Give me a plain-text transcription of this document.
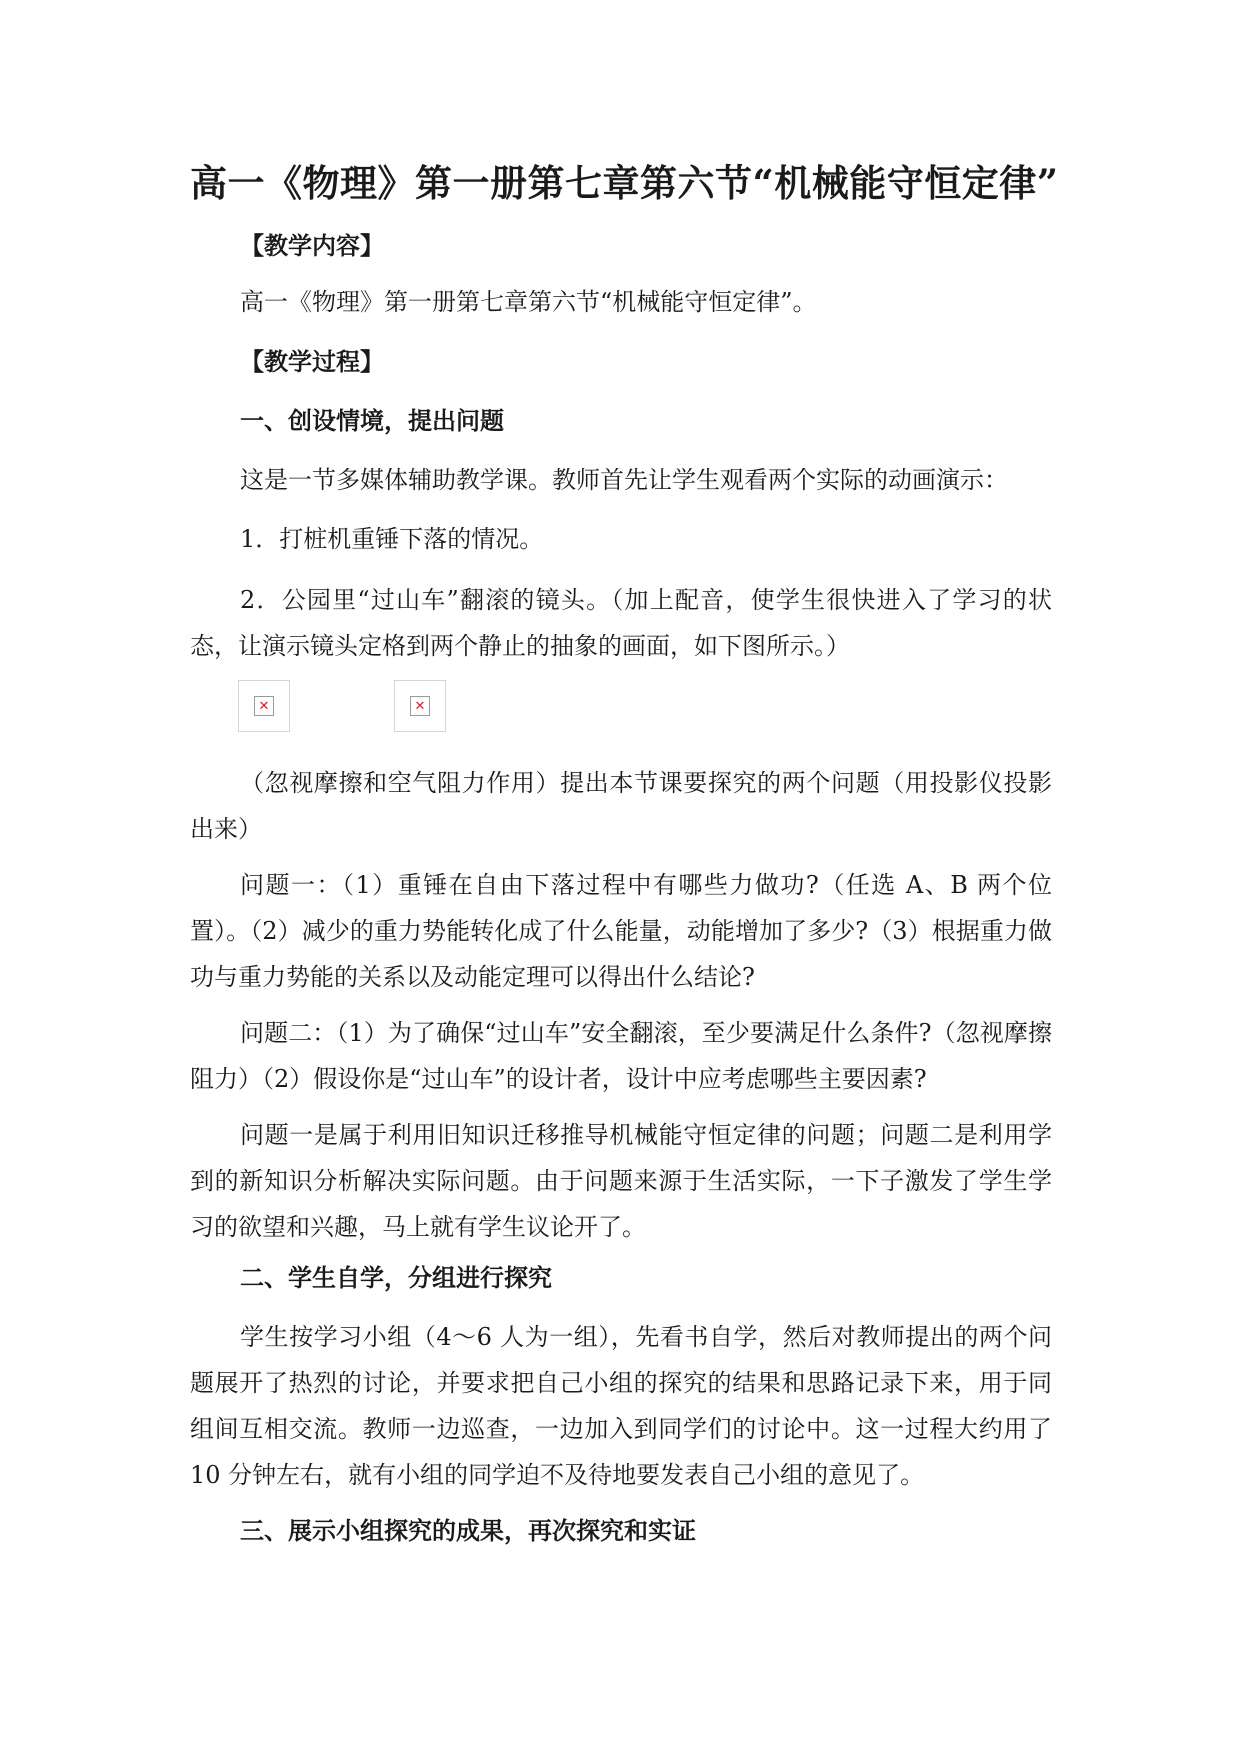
高一《物理》第一册第七章第六节“机械能守恒定律”
【教学内容】
高一《物理》第一册第七章第六节“机械能守恒定律”。
【教学过程】
一、创设情境，提出问题
这是一节多媒体辅助教学课。教师首先让学生观看两个实际的动画演示：
1．打桩机重锤下落的情况。
2．公园里“过山车”翻滚的镜头。（加上配音，使学生很快进入了学习的状态，让演示镜头定格到两个静止的抽象的画面，如下图所示。）
✕	✕
（忽视摩擦和空气阻力作用）提出本节课要探究的两个问题（用投影仪投影出来）
问题一：（1）重锤在自由下落过程中有哪些力做功?（任选 A、B 两个位置）。（2）减少的重力势能转化成了什么能量，动能增加了多少?（3）根据重力做功与重力势能的关系以及动能定理可以得出什么结论?
问题二：（1）为了确保“过山车”安全翻滚，至少要满足什么条件?（忽视摩擦阻力）（2）假设你是“过山车”的设计者，设计中应考虑哪些主要因素?
问题一是属于利用旧知识迁移推导机械能守恒定律的问题；问题二是利用学到的新知识分析解决实际问题。由于问题来源于生活实际，一下子激发了学生学习的欲望和兴趣，马上就有学生议论开了。
二、学生自学，分组进行探究
学生按学习小组（4～6 人为一组），先看书自学，然后对教师提出的两个问题展开了热烈的讨论，并要求把自己小组的探究的结果和思路记录下来，用于同组间互相交流。教师一边巡查，一边加入到同学们的讨论中。这一过程大约用了 10 分钟左右，就有小组的同学迫不及待地要发表自己小组的意见了。
三、展示小组探究的成果，再次探究和实证
